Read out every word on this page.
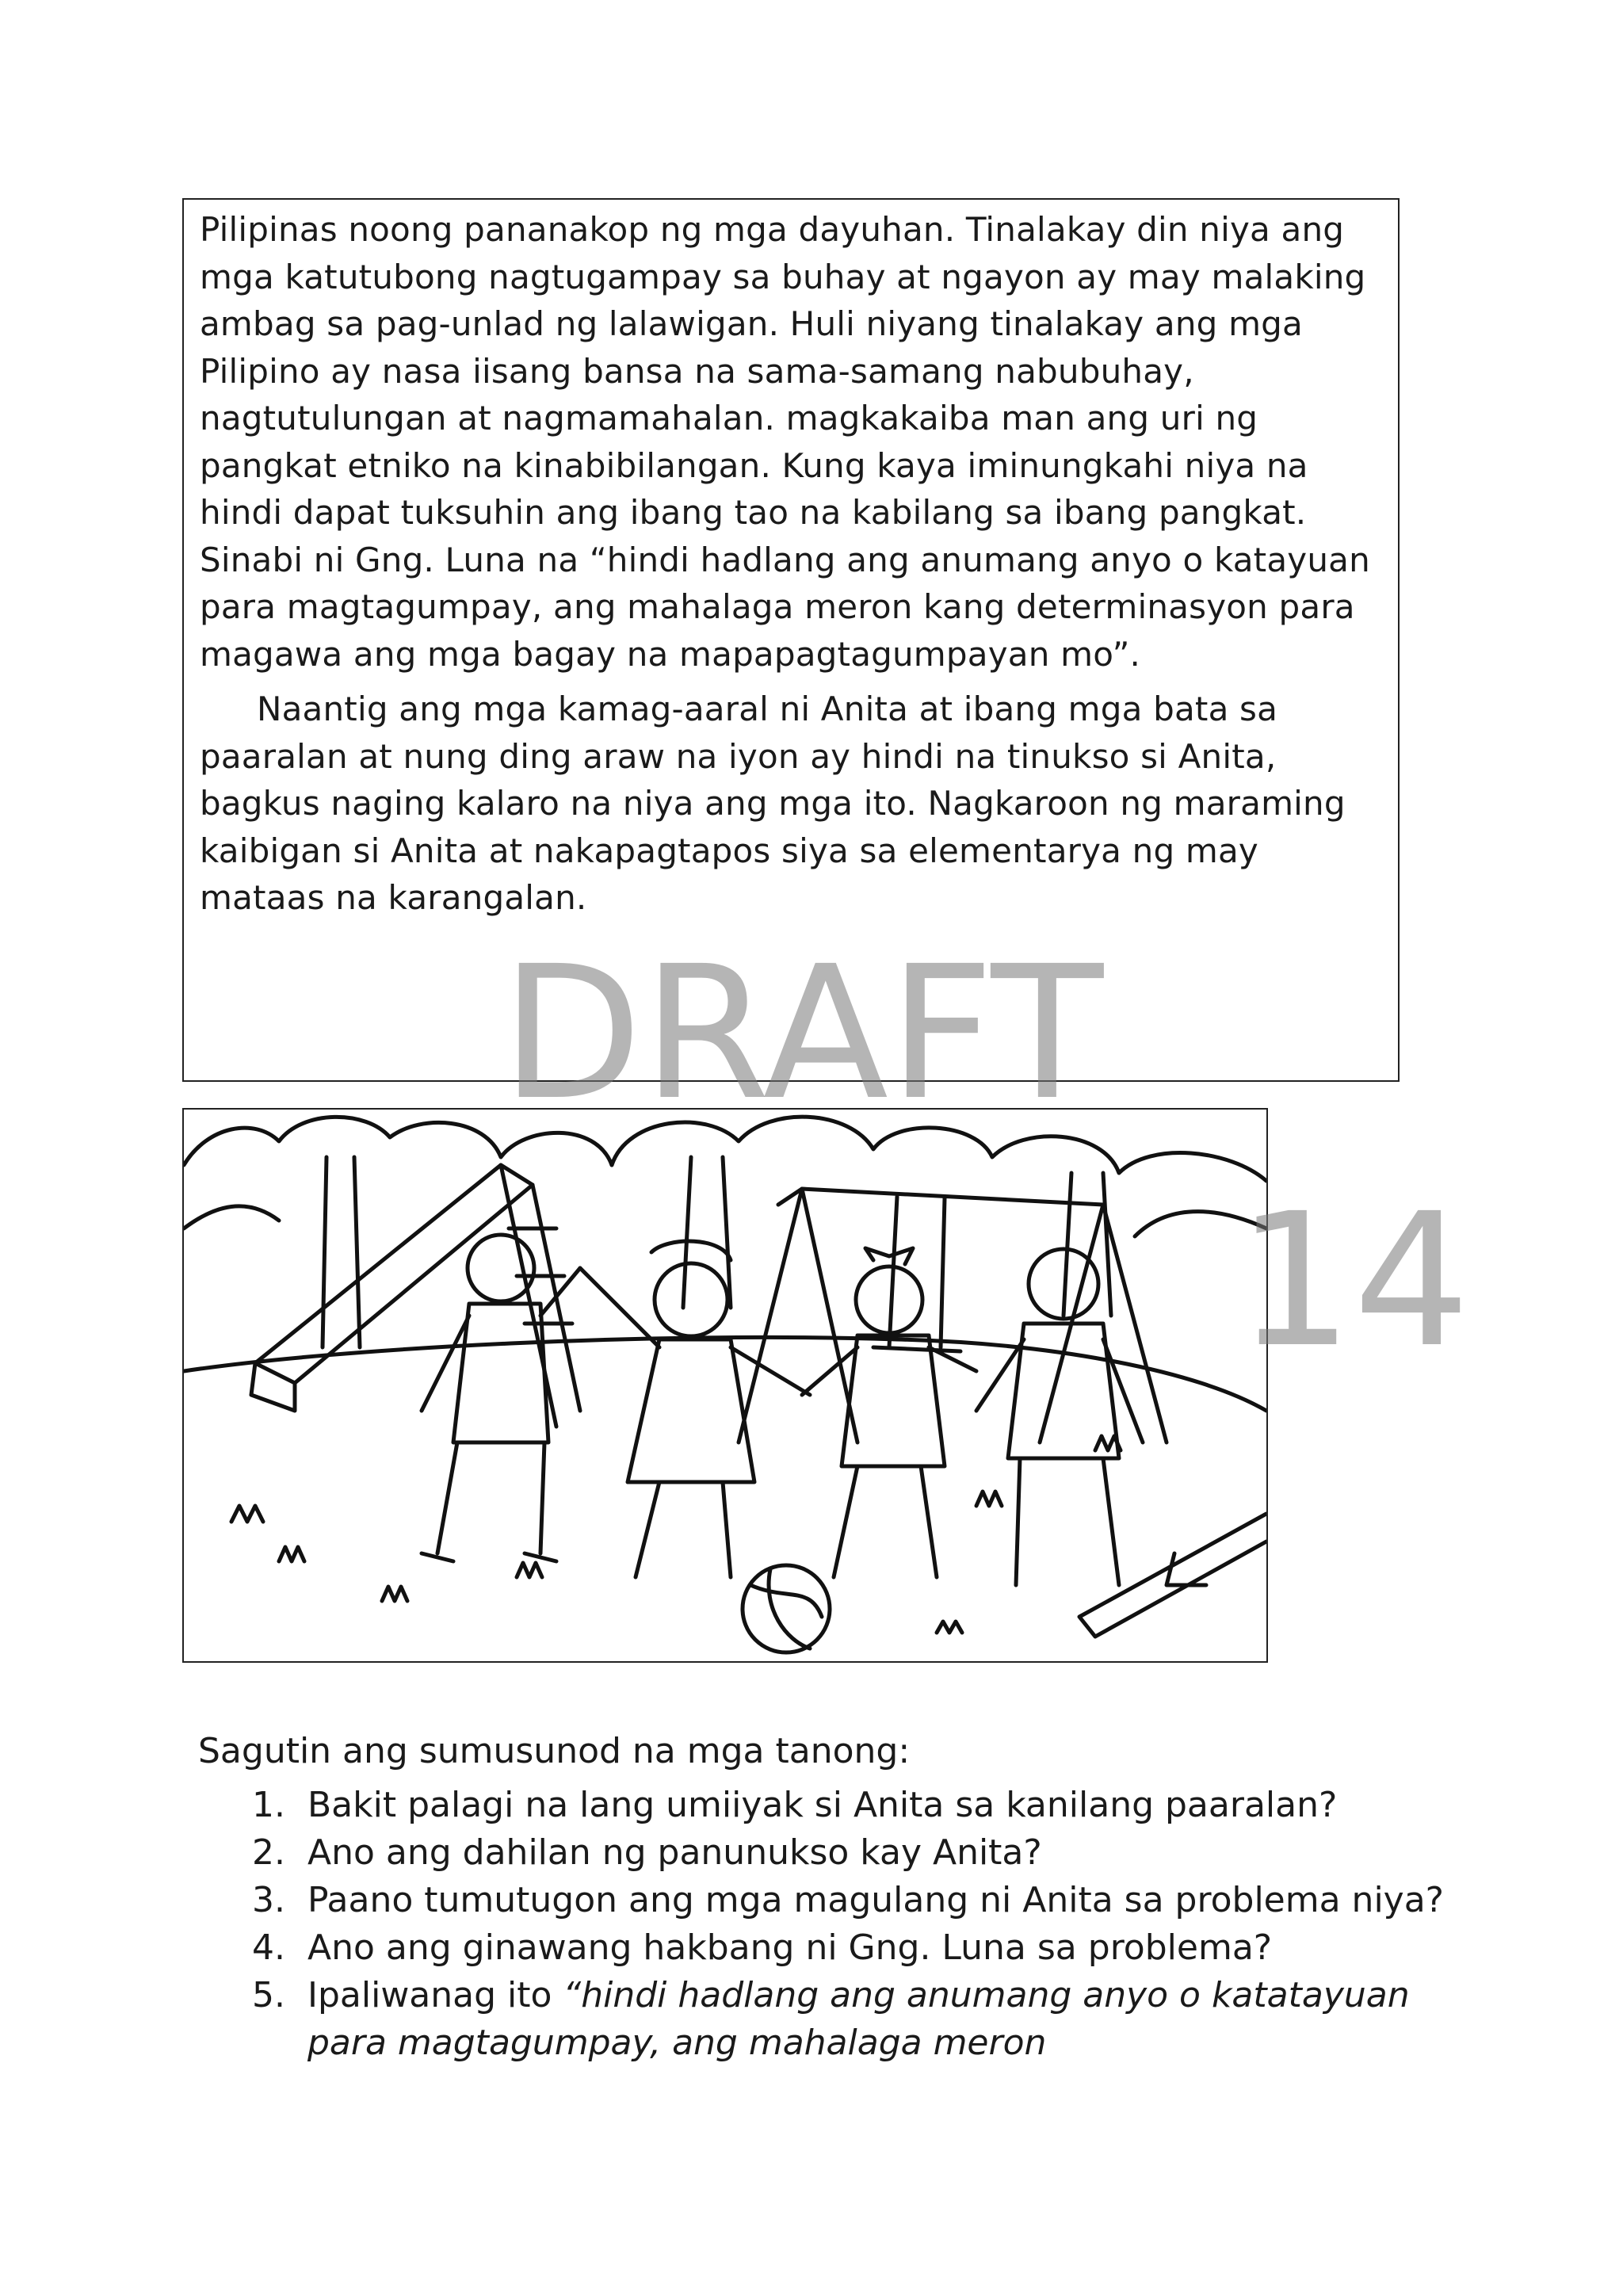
Pilipinas noong pananakop ng mga dayuhan. Tinalakay din niya ang mga katutubong nagtugampay sa buhay at ngayon ay may malaking ambag sa pag-unlad ng lalawigan. Huli niyang tinalakay ang mga Pilipino ay nasa iisang bansa na sama-samang nabubuhay, nagtutulungan at nagmamahalan. magkakaiba man ang uri ng pangkat etniko na kinabibilangan. Kung kaya iminungkahi niya na hindi dapat tuksuhin ang ibang tao na kabilang sa ibang pangkat. Sinabi ni Gng. Luna na “hindi hadlang ang anumang anyo o katayuan para magtagumpay, ang mahalaga meron kang determinasyon para magawa ang mga bagay na mapapagtagumpayan mo”.

Naantig ang mga kamag-aaral ni Anita at ibang mga bata sa paaralan at nung ding araw na iyon ay hindi na tinukso si Anita, bagkus naging kalaro na niya ang mga ito. Nagkaroon ng maraming kaibigan si Anita at nakapagtapos siya sa elementarya ng may mataas na karangalan.

DRAFT
14

Sagutin ang sumusunod na mga tanong:

1. Bakit palagi na lang umiiyak si Anita sa kanilang paaralan?
2. Ano ang dahilan ng panunukso kay Anita?
3. Paano tumutugon ang mga magulang ni Anita sa problema niya?
4. Ano ang ginawang hakbang ni Gng. Luna sa problema?
5. Ipaliwanag ito “hindi hadlang ang anumang anyo o katatayuan para magtagumpay, ang mahalaga meron
